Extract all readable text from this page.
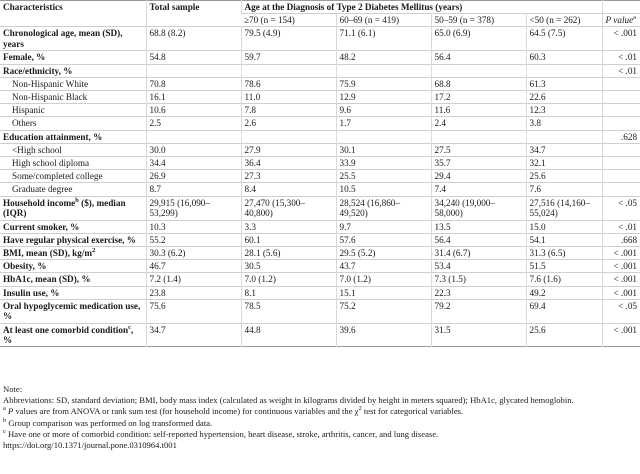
Characteristics	Total sample	Age at the Diagnosis of Type 2 Diabetes Mellitus (years)				
		≥70 (n = 154)	60–69 (n = 419)	50–59 (n = 378)	<50 (n = 262)	P value$^a$
Chronological age, mean (SD), years	68.8 (8.2)	79.5 (4.9)	71.1 (6.1)	65.0 (6.9)	64.5 (7.5)	< .001
Female, %	54.8	59.7	48.2	56.4	60.3	< .01
Race/ethnicity, %						< .01
Non-Hispanic White	70.8	78.6	75.9	68.8	61.3	
Non-Hispanic Black	16.1	11.0	12.9	17.2	22.6	
Hispanic	10.6	7.8	9.6	11.6	12.3	
Others	2.5	2.6	1.7	2.4	3.8	
Education attainment, %						.628
<High school	30.0	27.9	30.1	27.5	34.7	
High school diploma	34.4	36.4	33.9	35.7	32.1	
Some/completed college	26.9	27.3	25.5	29.4	25.6	
Graduate degree	8.7	8.4	10.5	7.4	7.6	
Household income$^b$ ($), median (IQR)	29,915 (16,090–53,299)	27,470 (15,300–40,800)	28,524 (16,860–49,520)	34,240 (19,000–58,000)	27,516 (14,160–55,024)	< .05
Current smoker, %	10.3	3.3	9.7	13.5	15.0	< .01
Have regular physical exercise, %	55.2	60.1	57.6	56.4	54.1	.668
BMI, mean (SD), $kg/m^2$	30.3 (6.2)	28.1 (5.6)	29.5 (5.2)	31.4 (6.7)	31.3 (6.5)	< .001
Obesity, %	46.7	30.5	43.7	53.4	51.5	< .001
HbA1c, mean (SD), %	7.2 (1.4)	7.0 (1.2)	7.0 (1.2)	7.3 (1.5)	7.6 (1.6)	< .001
Insulin use, %	23.8	8.1	15.1	22.3	49.2	< .001
Oral hypoglycemic medication use, %	75.6	78.5	75.2	79.2	69.4	< .05
At least one comorbid condition$^c$, %	34.7	44.8	39.6	31.5	25.6	< .001
Note:
Abbreviations: SD, standard deviation; BMI, body mass index (calculated as weight in kilograms divided by height in meters squared); HbA1c, glycated hemoglobin.
$^a$ P values are from ANOVA or rank sum test (for household income) for continuous variables and the $\chi^2$ test for categorical variables.
$^b$ Group comparison was performed on log transformed data.
$^c$ Have one or more of comorbid condition: self-reported hypertension, heart disease, stroke, arthritis, cancer, and lung disease.
https://doi.org/10.1371/journal.pone.0310964.t001
